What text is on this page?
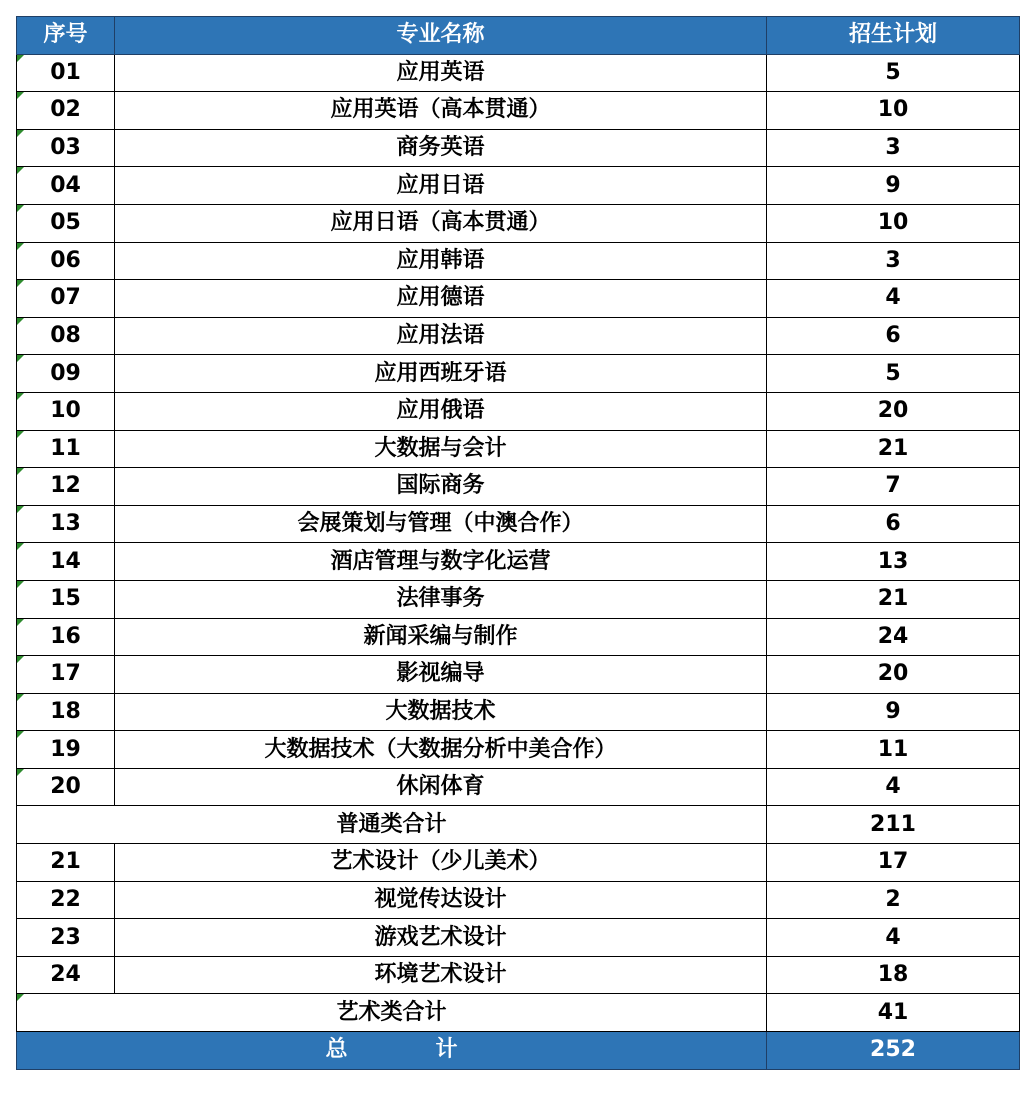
序号	专业名称	招生计划
01	应用英语	5
02	应用英语（高本贯通）	10
03	商务英语	3
04	应用日语	9
05	应用日语（高本贯通）	10
06	应用韩语	3
07	应用德语	4
08	应用法语	6
09	应用西班牙语	5
10	应用俄语	20
11	大数据与会计	21
12	国际商务	7
13	会展策划与管理（中澳合作）	6
14	酒店管理与数字化运营	13
15	法律事务	21
16	新闻采编与制作	24
17	影视编导	20
18	大数据技术	9
19	大数据技术（大数据分析中美合作）	11
20	休闲体育	4
普通类合计		211
21	艺术设计（少儿美术）	17
22	视觉传达设计	2
23	游戏艺术设计	4
24	环境艺术设计	18
艺术类合计		41
总　　　　计		252
